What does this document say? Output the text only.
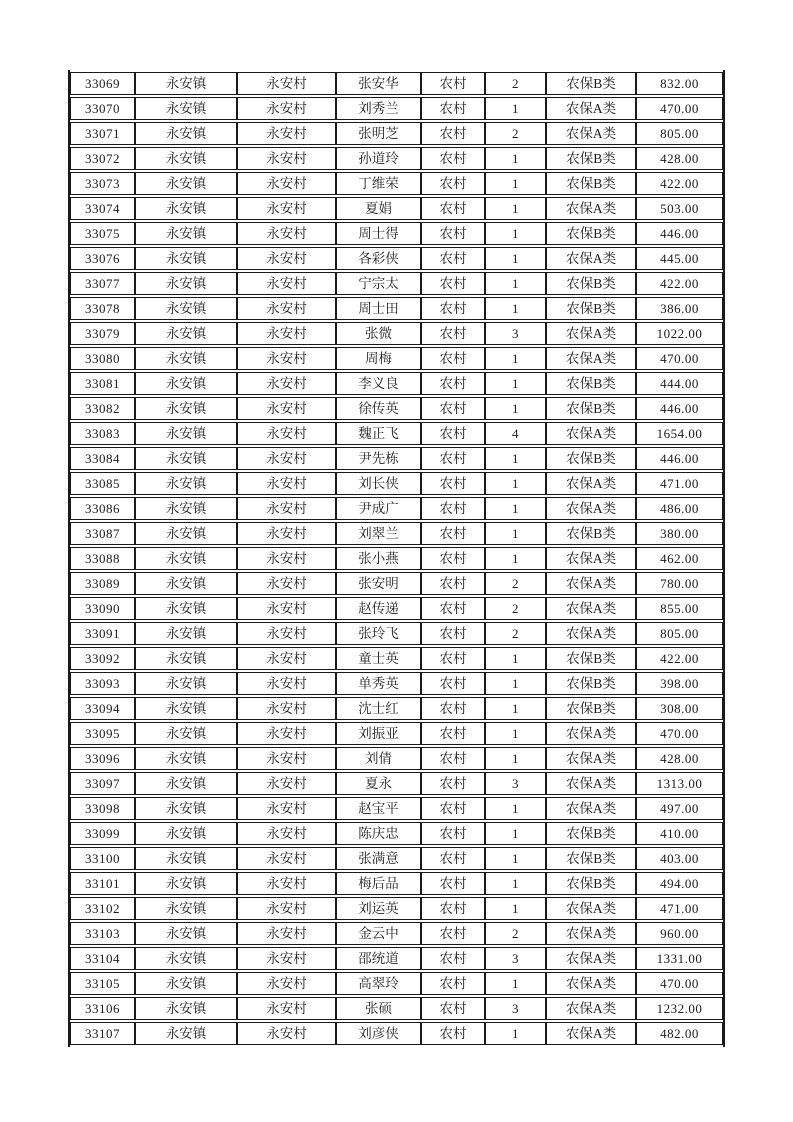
33069	永安镇	永安村	张安华	农村	2	农保B类	832.00
33070	永安镇	永安村	刘秀兰	农村	1	农保A类	470.00
33071	永安镇	永安村	张明芝	农村	2	农保A类	805.00
33072	永安镇	永安村	孙道玲	农村	1	农保B类	428.00
33073	永安镇	永安村	丁维荣	农村	1	农保B类	422.00
33074	永安镇	永安村	夏娟	农村	1	农保A类	503.00
33075	永安镇	永安村	周士得	农村	1	农保B类	446.00
33076	永安镇	永安村	各彩侠	农村	1	农保A类	445.00
33077	永安镇	永安村	宁宗太	农村	1	农保B类	422.00
33078	永安镇	永安村	周士田	农村	1	农保B类	386.00
33079	永安镇	永安村	张微	农村	3	农保A类	1022.00
33080	永安镇	永安村	周梅	农村	1	农保A类	470.00
33081	永安镇	永安村	李义良	农村	1	农保B类	444.00
33082	永安镇	永安村	徐传英	农村	1	农保B类	446.00
33083	永安镇	永安村	魏正飞	农村	4	农保A类	1654.00
33084	永安镇	永安村	尹先栋	农村	1	农保B类	446.00
33085	永安镇	永安村	刘长侠	农村	1	农保A类	471.00
33086	永安镇	永安村	尹成广	农村	1	农保A类	486.00
33087	永安镇	永安村	刘翠兰	农村	1	农保B类	380.00
33088	永安镇	永安村	张小燕	农村	1	农保A类	462.00
33089	永安镇	永安村	张安明	农村	2	农保A类	780.00
33090	永安镇	永安村	赵传递	农村	2	农保A类	855.00
33091	永安镇	永安村	张玲飞	农村	2	农保A类	805.00
33092	永安镇	永安村	童士英	农村	1	农保B类	422.00
33093	永安镇	永安村	单秀英	农村	1	农保B类	398.00
33094	永安镇	永安村	沈士红	农村	1	农保B类	308.00
33095	永安镇	永安村	刘振亚	农村	1	农保A类	470.00
33096	永安镇	永安村	刘倩	农村	1	农保A类	428.00
33097	永安镇	永安村	夏永	农村	3	农保A类	1313.00
33098	永安镇	永安村	赵宝平	农村	1	农保A类	497.00
33099	永安镇	永安村	陈庆忠	农村	1	农保B类	410.00
33100	永安镇	永安村	张满意	农村	1	农保B类	403.00
33101	永安镇	永安村	梅后品	农村	1	农保B类	494.00
33102	永安镇	永安村	刘运英	农村	1	农保A类	471.00
33103	永安镇	永安村	金云中	农村	2	农保A类	960.00
33104	永安镇	永安村	邵统道	农村	3	农保A类	1331.00
33105	永安镇	永安村	高翠玲	农村	1	农保A类	470.00
33106	永安镇	永安村	张硕	农村	3	农保A类	1232.00
33107	永安镇	永安村	刘彦侠	农村	1	农保A类	482.00
